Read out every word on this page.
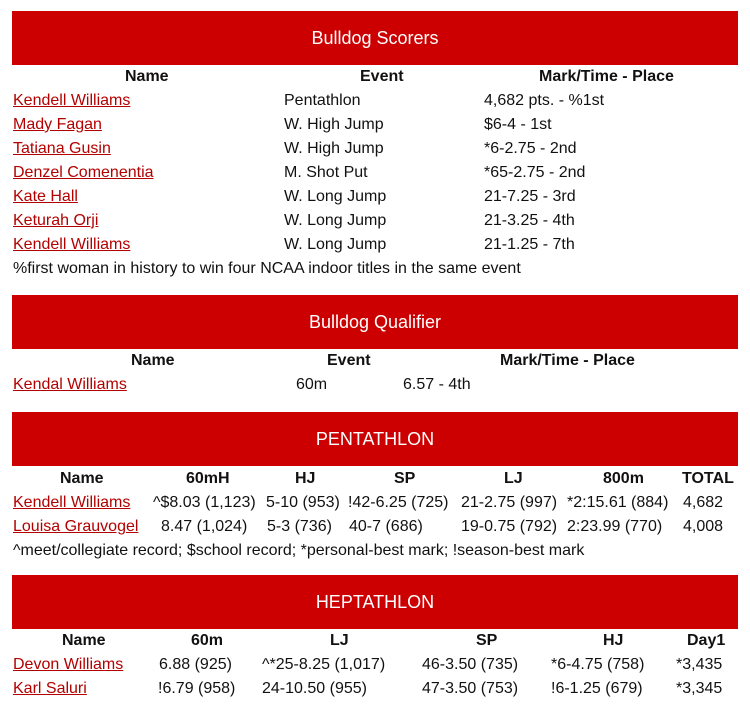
Bulldog Scorers
Name	Event	Mark/Time - Place
Kendell Williams	Pentathlon	4,682 pts. - %1st
Mady Fagan	W. High Jump	$6-4 - 1st
Tatiana Gusin	W. High Jump	*6-2.75 - 2nd
Denzel Comenentia	M. Shot Put	*65-2.75 - 2nd
Kate Hall	W. Long Jump	21-7.25 - 3rd
Keturah Orji	W. Long Jump	21-3.25 - 4th
Kendell Williams	W. Long Jump	21-1.25 - 7th
%first woman in history to win four NCAA indoor titles in the same event
Bulldog Qualifier
Name	Event	Mark/Time - Place
Kendal Williams	60m	6.57 - 4th
PENTATHLON
Name	60mH	HJ	SP	LJ	800m TOTAL
Kendell Williams ^$8.03 (1,123) 5-10 (953) !42-6.25 (725) 21-2.75 (997) *2:15.61 (884) 4,682
Louisa Grauvogel 8.47 (1,024) 5-3 (736) 40-7 (686) 19-0.75 (792) 2:23.99 (770) 4,008
^meet/collegiate record; $school record; *personal-best mark; !season-best mark
HEPTATHLON
Name	60m	LJ	SP	HJ	Day1
Devon Williams 6.88 (925) ^*25-8.25 (1,017) 46-3.50 (735) *6-4.75 (758) *3,435
Karl Saluri	!6.79 (958) 24-10.50 (955)	47-3.50 (753) !6-1.25 (679) *3,345
